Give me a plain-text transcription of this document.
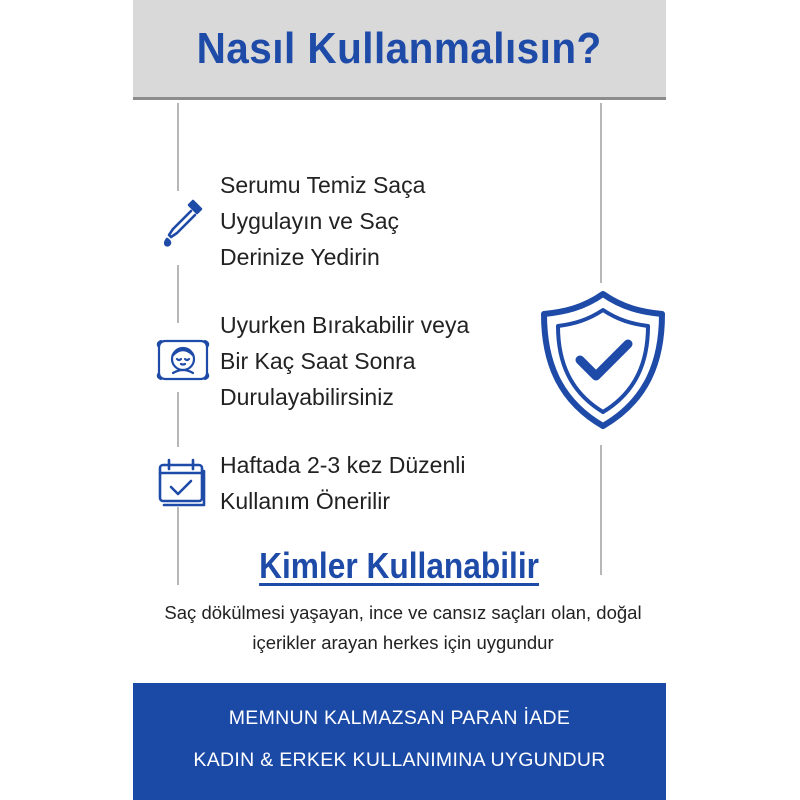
Nasıl Kullanmalısın?
Serumu Temiz Saça
Uygulayın ve Saç
Derinize Yedirin
Uyurken Bırakabilir veya
Bir Kaç Saat Sonra
Durulayabilirsiniz
Haftada 2-3 kez Düzenli
Kullanım Önerilir
Kimler Kullanabilir
Saç dökülmesi yaşayan, ince ve cansız saçları olan, doğal içerikler arayan herkes için uygundur
MEMNUN KALMAZSAN PARAN İADE
KADIN & ERKEK KULLANIMINA UYGUNDUR
